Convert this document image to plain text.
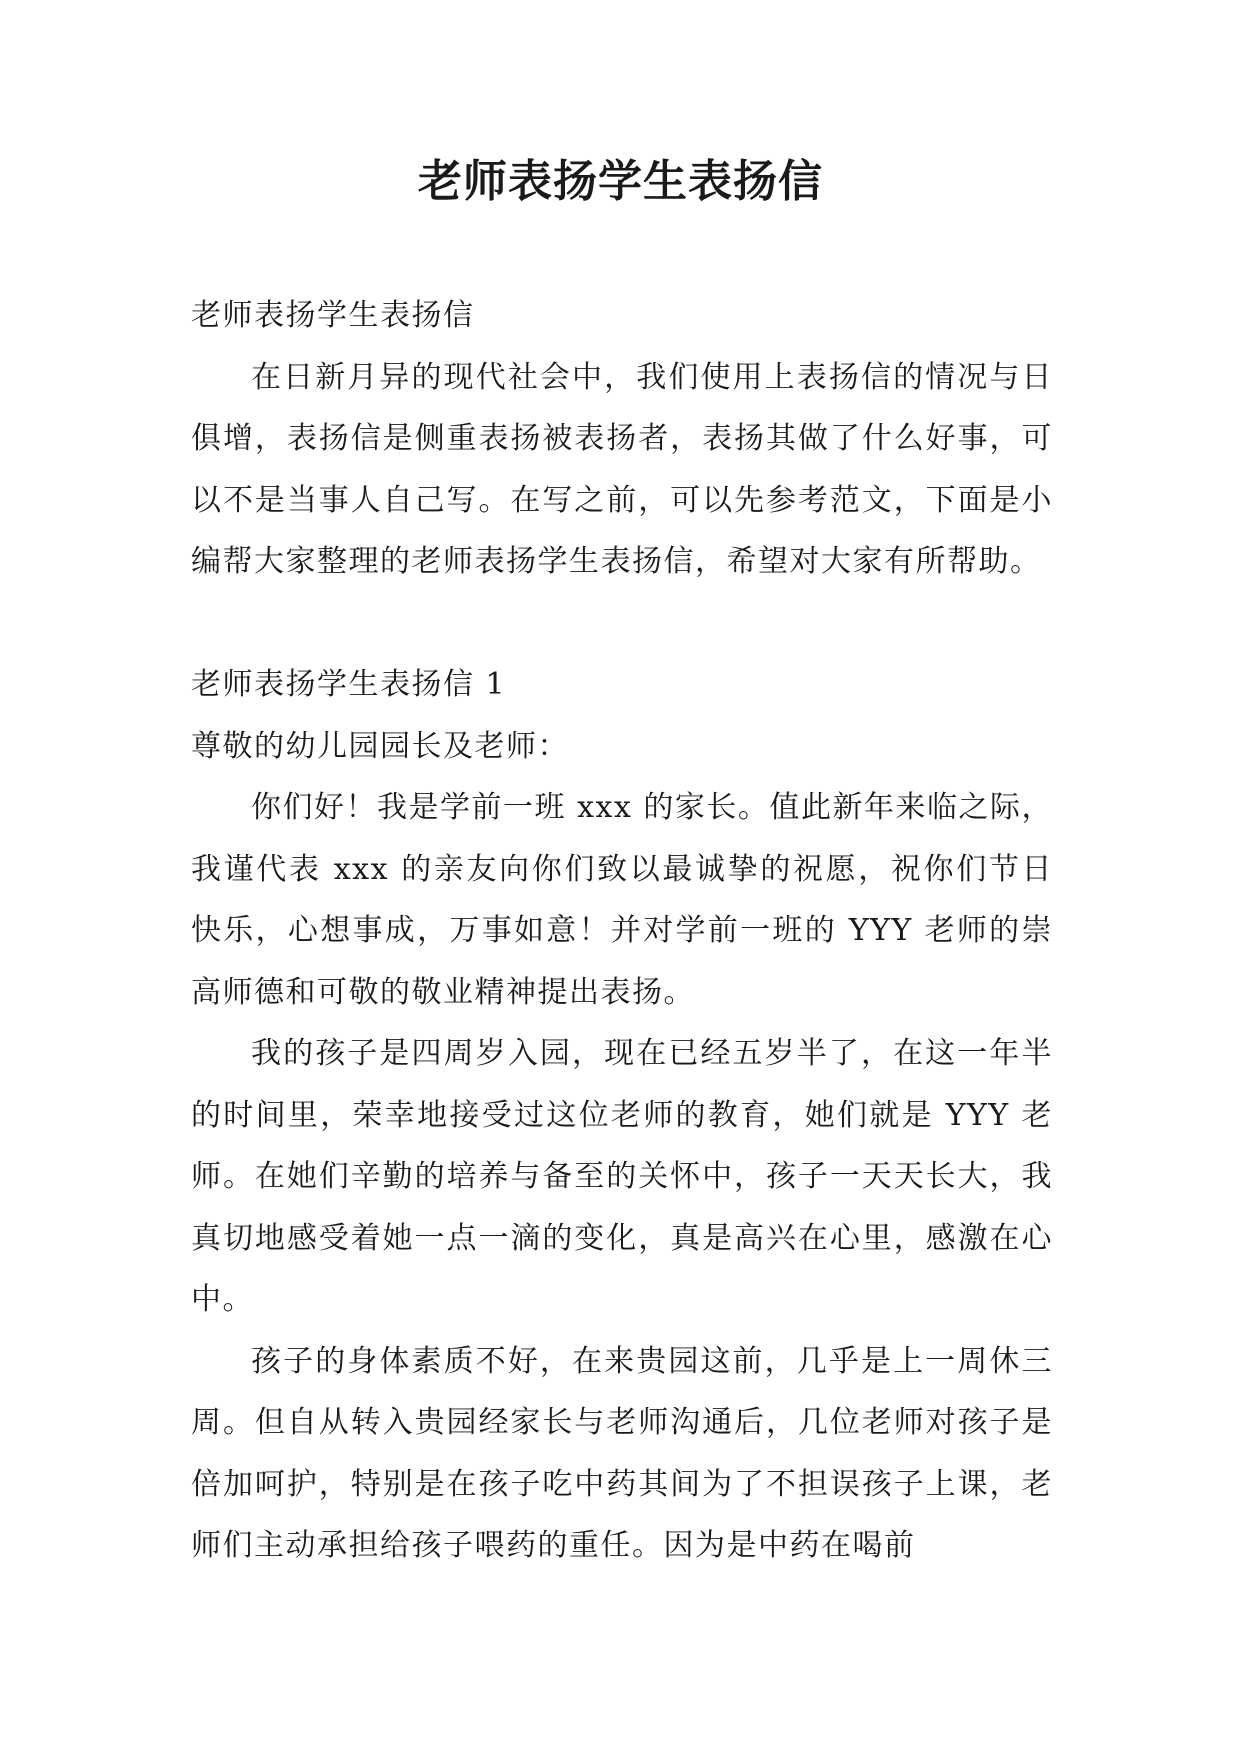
老师表扬学生表扬信

老师表扬学生表扬信

在日新月异的现代社会中，我们使用上表扬信的情况与日俱增，表扬信是侧重表扬被表扬者，表扬其做了什么好事，可以不是当事人自己写。在写之前，可以先参考范文，下面是小编帮大家整理的老师表扬学生表扬信，希望对大家有所帮助。

老师表扬学生表扬信 1

尊敬的幼儿园园长及老师：

你们好！我是学前一班 xxx 的家长。值此新年来临之际，我谨代表 xxx 的亲友向你们致以最诚挚的祝愿，祝你们节日快乐，心想事成，万事如意！并对学前一班的 YYY 老师的崇高师德和可敬的敬业精神提出表扬。

我的孩子是四周岁入园，现在已经五岁半了，在这一年半的时间里，荣幸地接受过这位老师的教育，她们就是 YYY 老师。在她们辛勤的培养与备至的关怀中，孩子一天天长大，我真切地感受着她一点一滴的变化，真是高兴在心里，感激在心中。

孩子的身体素质不好，在来贵园这前，几乎是上一周休三周。但自从转入贵园经家长与老师沟通后，几位老师对孩子是倍加呵护，特别是在孩子吃中药其间为了不担误孩子上课，老师们主动承担给孩子喂药的重任。因为是中药在喝前
